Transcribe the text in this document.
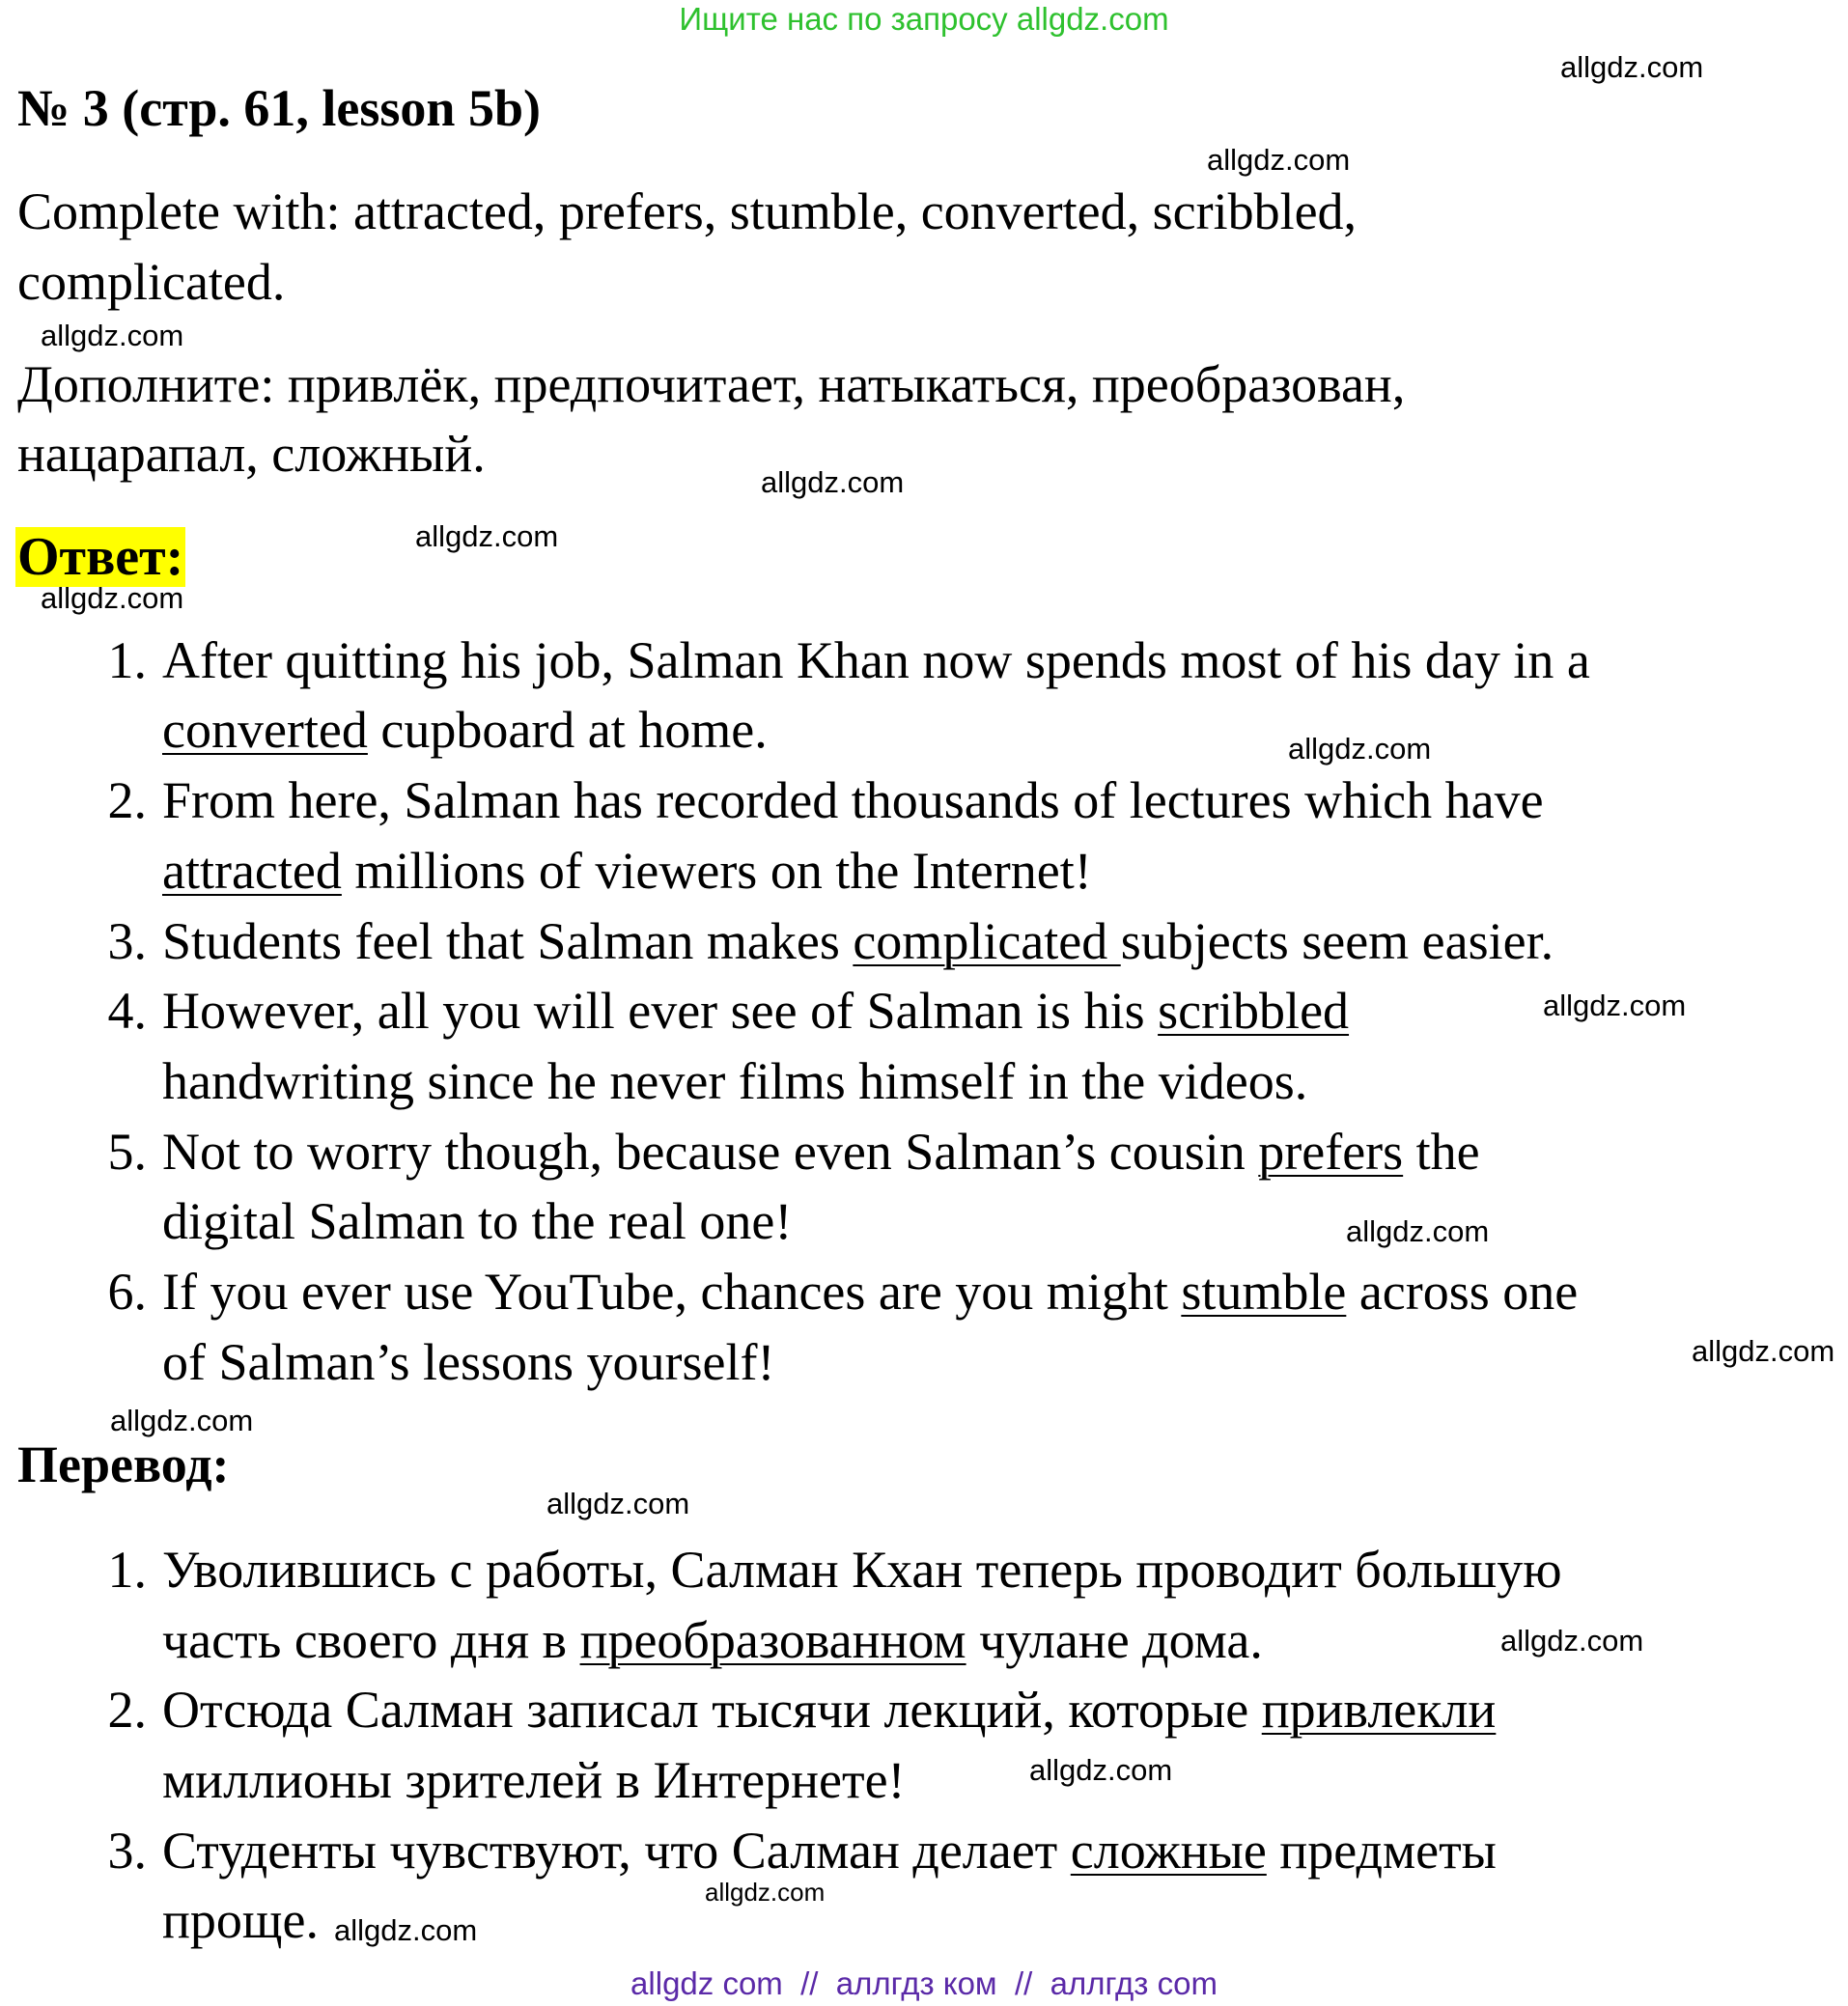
Ищите нас по запросу allgdz.com
№ 3 (стр. 61, lesson 5b)
Complete with: attracted, prefers, stumble, converted, scribbled,
complicated.
Дополните: привлёк, предпочитает, натыкаться, преобразован,
нацарапал, сложный.
Ответ:
1. After quitting his job, Salman Khan now spends most of his day in a
converted cupboard at home.
2. From here, Salman has recorded thousands of lectures which have
attracted millions of viewers on the Internet!
3. Students feel that Salman makes complicated subjects seem easier.
4. However, all you will ever see of Salman is his scribbled
handwriting since he never films himself in the videos.
5. Not to worry though, because even Salman’s cousin prefers the
digital Salman to the real one!
6. If you ever use YouTube, chances are you might stumble across one
of Salman’s lessons yourself!
Перевод:
1. Уволившись с работы, Салман Кхан теперь проводит большую
часть своего дня в преобразованном чулане дома.
2. Отсюда Салман записал тысячи лекций, которые привлекли
миллионы зрителей в Интернете!
3. Студенты чувствуют, что Салман делает сложные предметы
проще.
allgdz.com
allgdz.com
allgdz.com
allgdz.com
allgdz.com
allgdz.com
allgdz.com
allgdz.com
allgdz.com
allgdz.com
allgdz.com
allgdz.com
allgdz.com
allgdz.com
allgdz.com
allgdz.com
allgdz com  //  аллгдз ком  //  аллгдз com
